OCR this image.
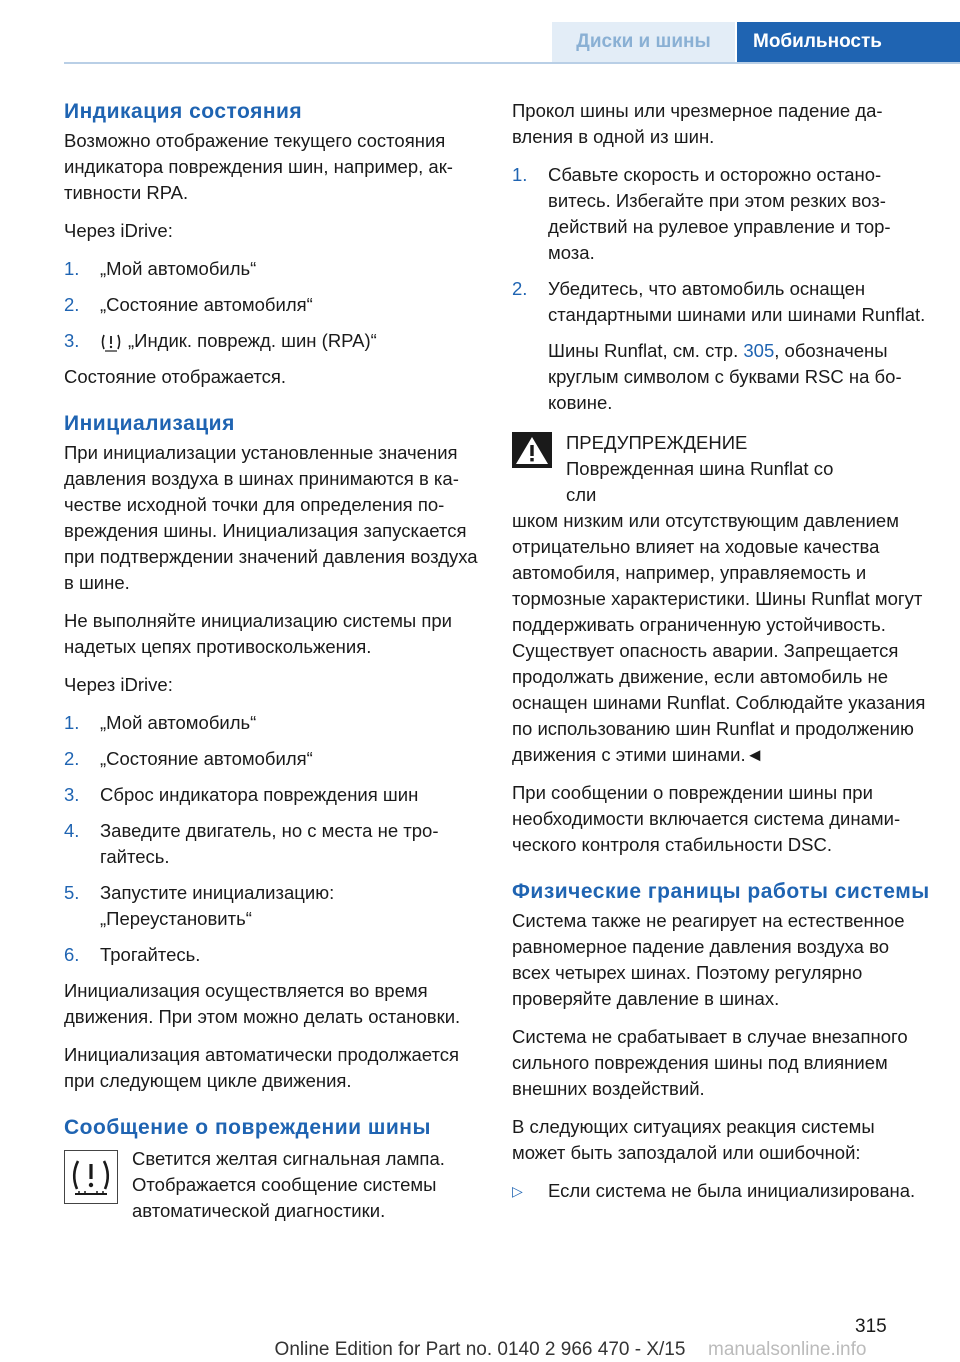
Диски и шины	Мобильность
Индикация состояния

Возможно отображение текущего состояния индикатора повреждения шин, например, активности RPA.

Через iDrive:

1. „Мой автомобиль“
2. „Состояние автомобиля“
3.	„Индик. поврежд. шин (RPA)“

Состояние отображается.

Инициализация

При инициализации установленные значения давления воздуха в шинах принимаются в качестве исходной точки для определения повреждения шины. Инициализация запускается при подтверждении значений давления воздуха в шине.

Не выполняйте инициализацию системы при надетых цепях противоскольжения.

Через iDrive:

1. „Мой автомобиль“
2. „Состояние автомобиля“
3. Сброс индикатора повреждения шин
4. Заведите двигатель, но с места не трогайтесь.
5. Запустите инициализацию: „Переустановить“
6. Трогайтесь.

Инициализация осуществляется во время движения. При этом можно делать остановки.

Инициализация автоматически продолжается при следующем цикле движения.

Сообщение о повреждении шины
Светится желтая сигнальная лампа. Отображается сообщение системы автоматической диагностики.

Прокол шины или чрезмерное падение давления в одной из шин.

1. Сбавьте скорость и осторожно остановитесь. Избегайте при этом резких воздействий на рулевое управление и тормоза.
2. Убедитесь, что автомобиль оснащен стандартными шинами или шинами Runflat.
Шины Runflat, см. стр. 305, обозначены круглым символом с буквами RSC на боковине.
ПРЕДУПРЕЖДЕНИЕ
Поврежденная шина Runflat со сли

шком низким или отсутствующим давлением отрицательно влияет на ходовые качества автомобиля, например, управляемость и тормозные характеристики. Шины Runflat могут поддерживать ограниченную устойчивость. Существует опасность аварии. Запрещается продолжать движение, если автомобиль не оснащен шинами Runflat. Соблюдайте указания по использованию шин Runflat и продолжению движения с этими шинами.◄

При сообщении о повреждении шины при необходимости включается система динамического контроля стабильности DSC.

Физические границы работы системы

Система также не реагирует на естественное равномерное падение давления воздуха во всех четырех шинах. Поэтому регулярно проверяйте давление в шинах.

Система не срабатывает в случае внезапного сильного повреждения шины под влиянием внешних воздействий.

В следующих ситуациях реакция системы может быть запоздалой или ошибочной:

▷ Если система не была инициализирована.
315
Online Edition for Part no. 0140 2 966 470 - X/15	manualsonline.info
